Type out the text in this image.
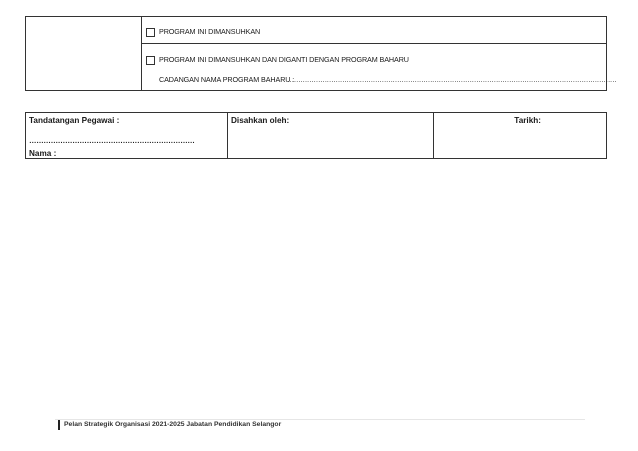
PROGRAM INI DIMANSUHKAN
PROGRAM INI DIMANSUHKAN DAN DIGANTI DENGAN PROGRAM BAHARU
CADANGAN NAMA PROGRAM BAHARU :
……………………………………………………………………………………………………………………………………
Tandatangan Pegawai :
……………………………………………………………
Nama :
Disahkan oleh:	Tarikh:
Pelan Strategik Organisasi 2021-2025 Jabatan Pendidikan Selangor
